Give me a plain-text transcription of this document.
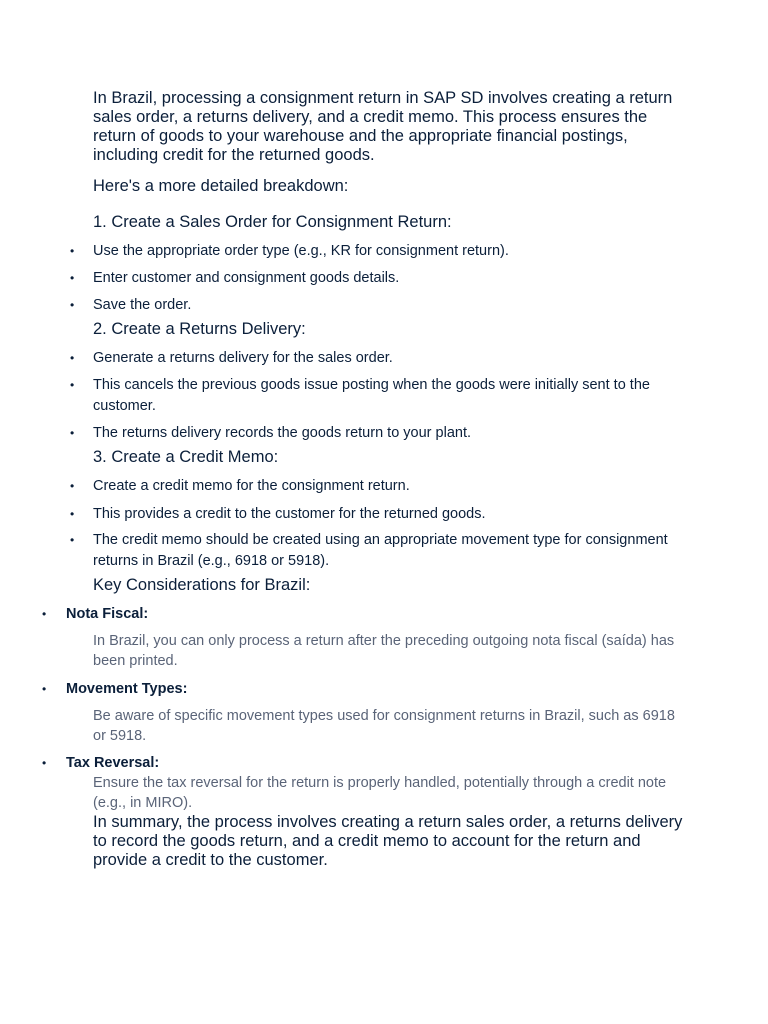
In Brazil, processing a consignment return in SAP SD involves creating a return sales order, a returns delivery, and a credit memo. This process ensures the return of goods to your warehouse and the appropriate financial postings, including credit for the returned goods.

Here's a more detailed breakdown:

1. Create a Sales Order for Consignment Return:

• Use the appropriate order type (e.g., KR for consignment return).
• Enter customer and consignment goods details.
• Save the order.

2. Create a Returns Delivery:

• Generate a returns delivery for the sales order.
• This cancels the previous goods issue posting when the goods were initially sent to the customer.
• The returns delivery records the goods return to your plant.

3. Create a Credit Memo:

• Create a credit memo for the consignment return.
• This provides a credit to the customer for the returned goods.
• The credit memo should be created using an appropriate movement type for consignment returns in Brazil (e.g., 6918 or 5918).

Key Considerations for Brazil:

• Nota Fiscal:

In Brazil, you can only process a return after the preceding outgoing nota fiscal (saída) has been printed.

• Movement Types:

Be aware of specific movement types used for consignment returns in Brazil, such as 6918 or 5918.

• Tax Reversal:

Ensure the tax reversal for the return is properly handled, potentially through a credit note (e.g., in MIRO).

In summary, the process involves creating a return sales order, a returns delivery to record the goods return, and a credit memo to account for the return and provide a credit to the customer.
